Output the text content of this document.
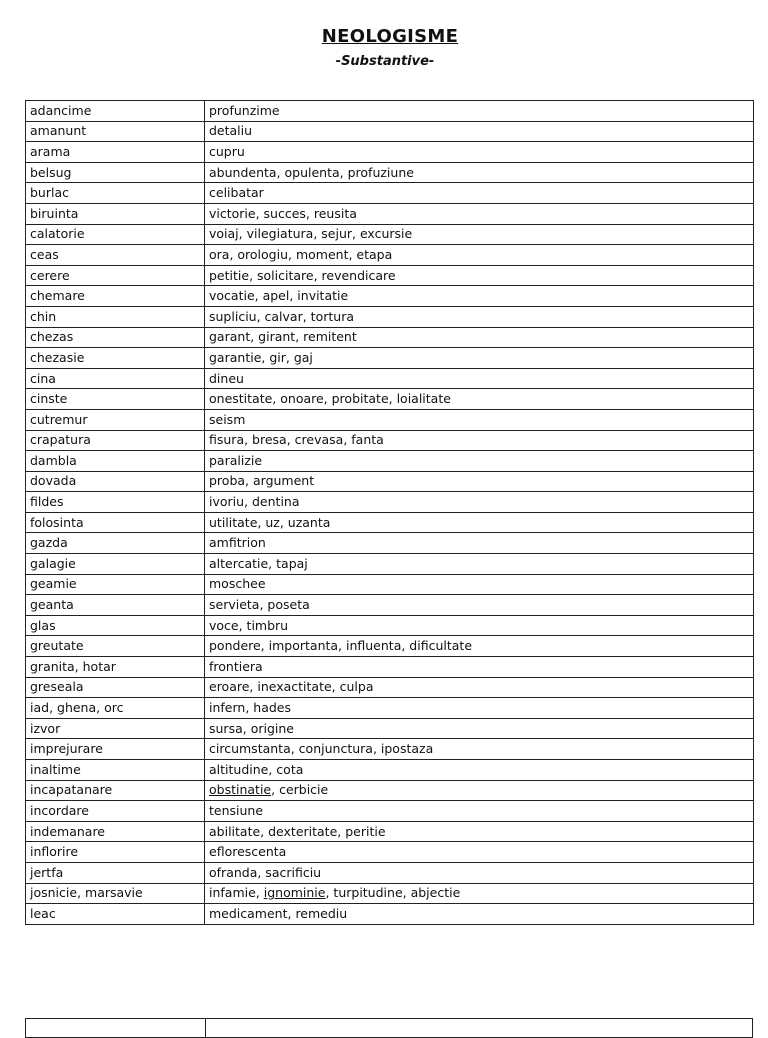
NEOLOGISME
-Substantive-
adancime	profunzime
amanunt	detaliu
arama	cupru
belsug	abundenta, opulenta, profuziune
burlac	celibatar
biruinta	victorie, succes, reusita
calatorie	voiaj, vilegiatura, sejur, excursie
ceas	ora, orologiu, moment, etapa
cerere	petitie, solicitare, revendicare
chemare	vocatie, apel, invitatie
chin	supliciu, calvar, tortura
chezas	garant, girant, remitent
chezasie	garantie, gir, gaj
cina	dineu
cinste	onestitate, onoare, probitate, loialitate
cutremur	seism
crapatura	fisura, bresa, crevasa, fanta
dambla	paralizie
dovada	proba, argument
fildes	ivoriu, dentina
folosinta	utilitate, uz, uzanta
gazda	amfitrion
galagie	altercatie, tapaj
geamie	moschee
geanta	servieta, poseta
glas	voce, timbru
greutate	pondere, importanta, influenta, dificultate
granita, hotar	frontiera
greseala	eroare, inexactitate, culpa
iad, ghena, orc	infern, hades
izvor	sursa, origine
imprejurare	circumstanta, conjunctura, ipostaza
inaltime	altitudine, cota
incapatanare	obstinatie, cerbicie
incordare	tensiune
indemanare	abilitate, dexteritate, peritie
inflorire	eflorescenta
jertfa	ofranda, sacrificiu
josnicie, marsavie	infamie, ignominie, turpitudine, abjectie
leac	medicament, remediu
